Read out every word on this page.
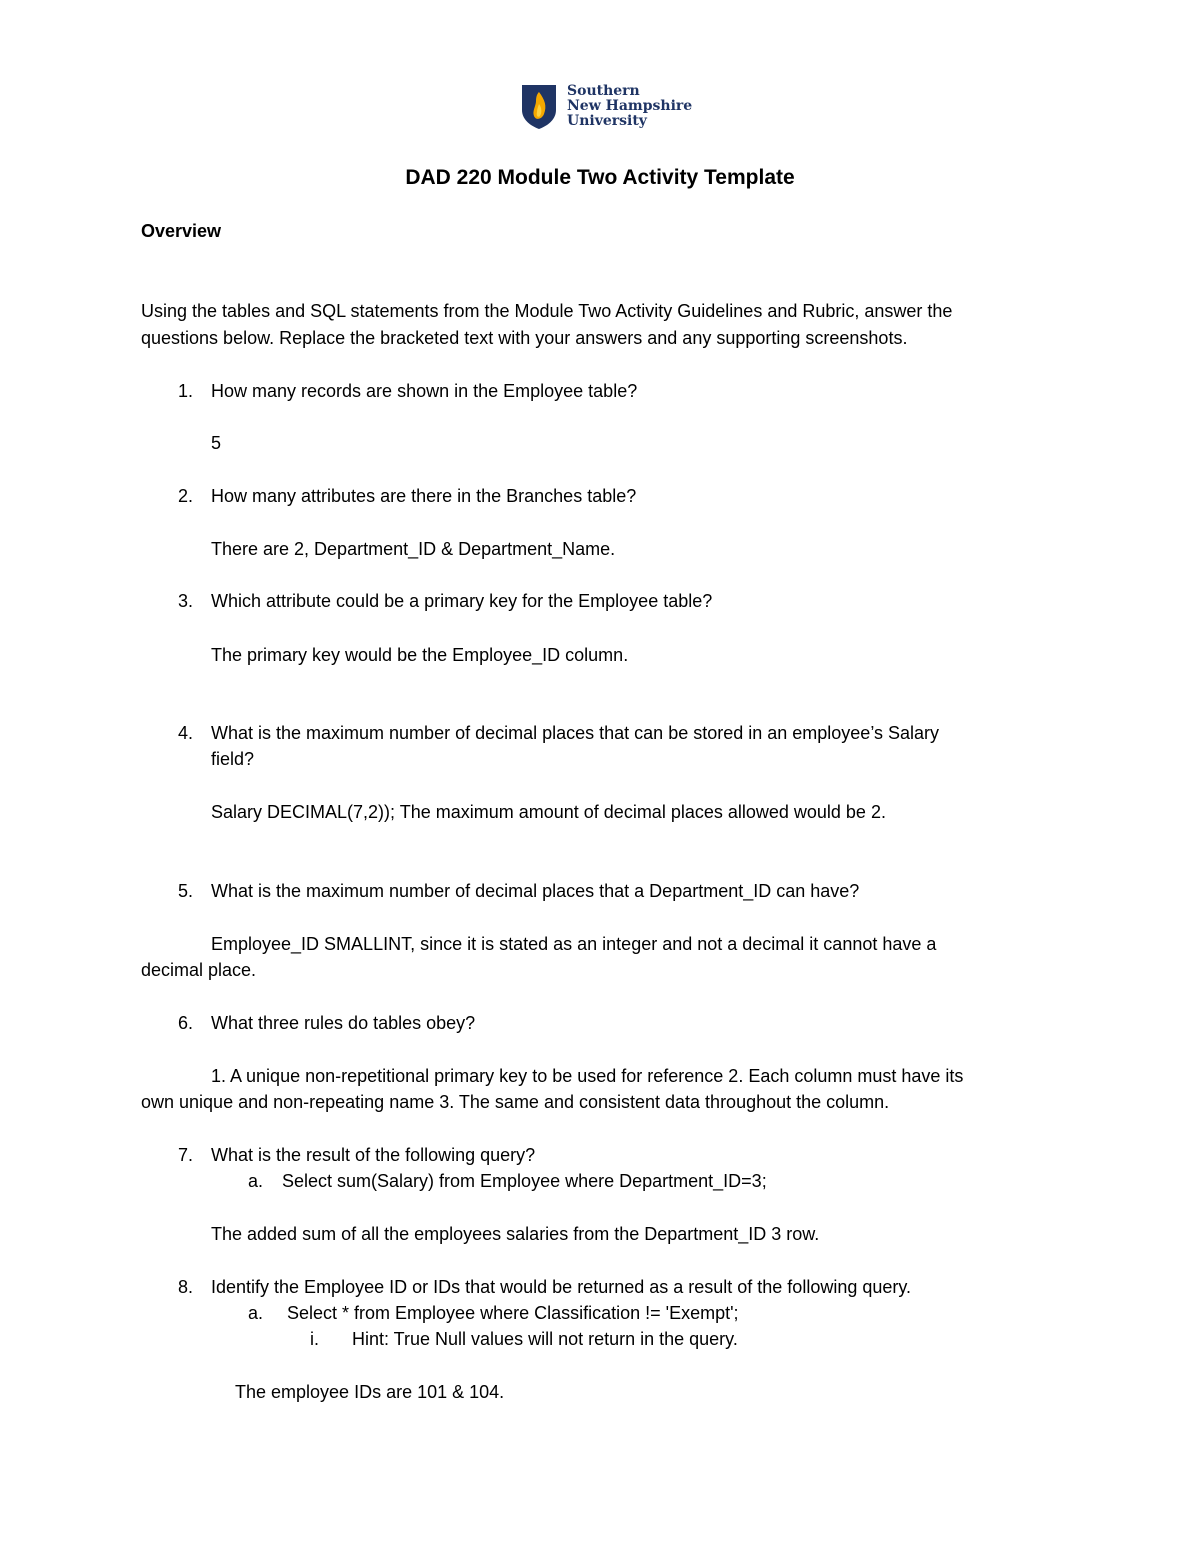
Southern
New Hampshire
University
DAD 220 Module Two Activity Template
Overview
Using the tables and SQL statements from the Module Two Activity Guidelines and Rubric, answer the
questions below. Replace the bracketed text with your answers and any supporting screenshots.
1. How many records are shown in the Employee table?
5
2. How many attributes are there in the Branches table?
There are 2, Department_ID & Department_Name.
3. Which attribute could be a primary key for the Employee table?
The primary key would be the Employee_ID column.
4. What is the maximum number of decimal places that can be stored in an employee’s Salary
field?
Salary DECIMAL(7,2)); The maximum amount of decimal places allowed would be 2.
5. What is the maximum number of decimal places that a Department_ID can have?
Employee_ID SMALLINT, since it is stated as an integer and not a decimal it cannot have a
decimal place.
6. What three rules do tables obey?
1. A unique non-repetitional primary key to be used for reference 2. Each column must have its
own unique and non-repeating name 3. The same and consistent data throughout the column.
7. What is the result of the following query?
a. Select sum(Salary) from Employee where Department_ID=3;
The added sum of all the employees salaries from the Department_ID 3 row.
8. Identify the Employee ID or IDs that would be returned as a result of the following query.
a. Select * from Employee where Classification != 'Exempt';
i. Hint: True Null values will not return in the query.
The employee IDs are 101 & 104.
